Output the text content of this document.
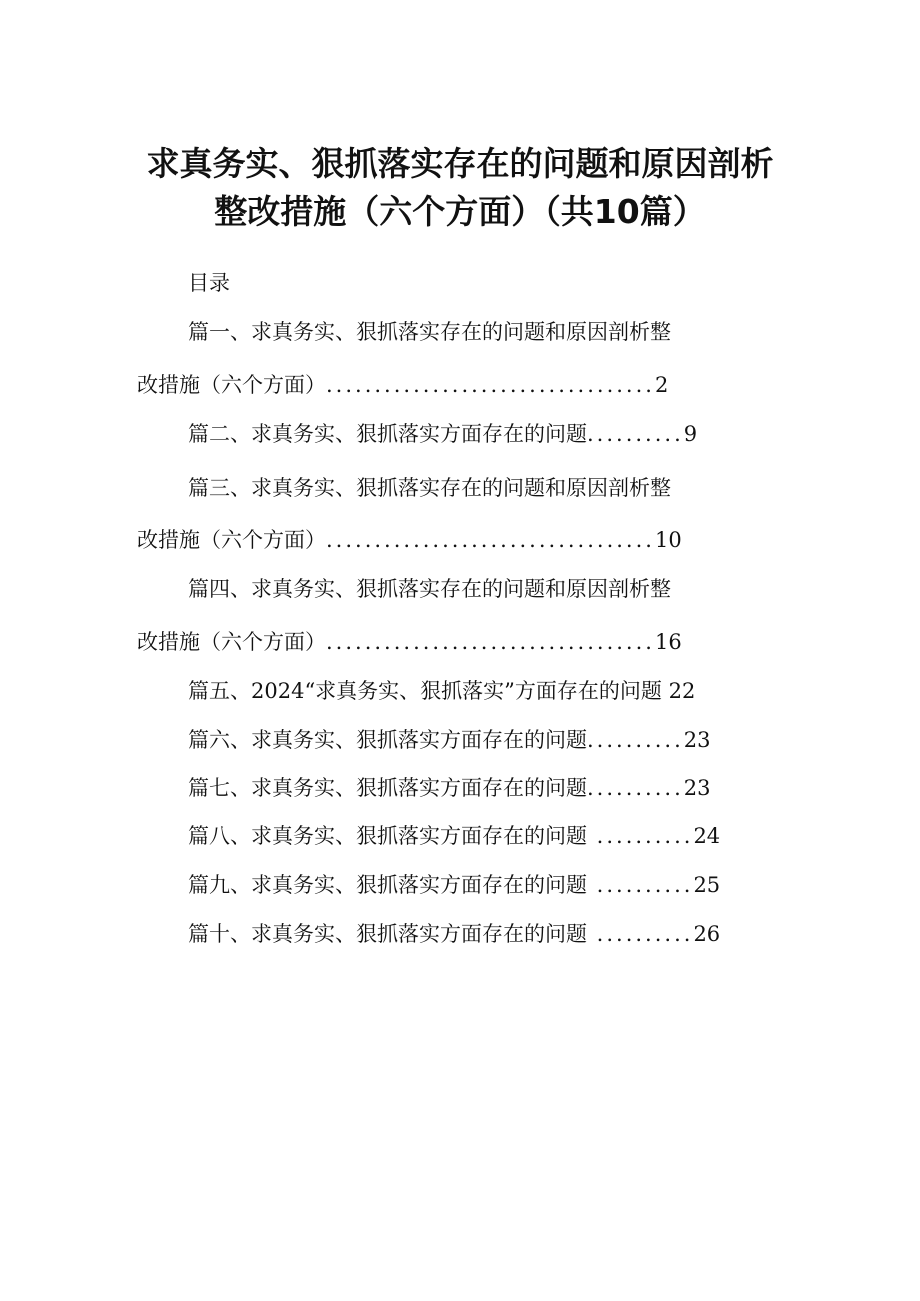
求真务实、狠抓落实存在的问题和原因剖析
整改措施（六个方面）（共10篇）
目录
篇一、求真务实、狠抓落实存在的问题和原因剖析整
改措施（六个方面）..................................2
篇二、求真务实、狠抓落实方面存在的问题..........9
篇三、求真务实、狠抓落实存在的问题和原因剖析整
改措施（六个方面）..................................10
篇四、求真务实、狠抓落实存在的问题和原因剖析整
改措施（六个方面）..................................16
篇五、2024“求真务实、狠抓落实”方面存在的问题 22
篇六、求真务实、狠抓落实方面存在的问题..........23
篇七、求真务实、狠抓落实方面存在的问题..........23
篇八、求真务实、狠抓落实方面存在的问题 ..........24
篇九、求真务实、狠抓落实方面存在的问题 ..........25
篇十、求真务实、狠抓落实方面存在的问题 ..........26
